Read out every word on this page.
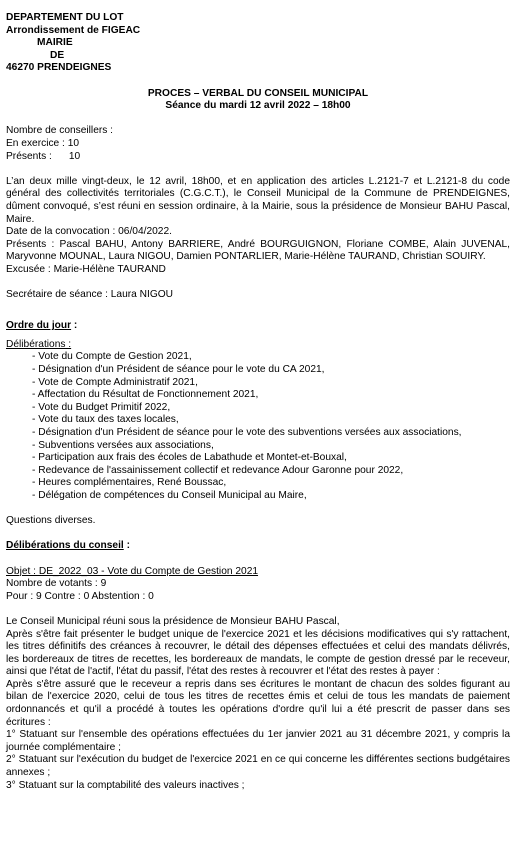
DEPARTEMENT DU LOT

Arrondissement de FIGEAC

MAIRIE

DE

46270 PRENDEIGNES

PROCES – VERBAL DU CONSEIL MUNICIPAL

Séance du mardi 12 avril 2022 – 18h00

Nombre de conseillers :

En exercice : 10

Présents :      10

L’an deux mille vingt-deux, le 12 avril, 18h00, et en application des articles L.2121-7 et L.2121-8 du code général des collectivités territoriales (C.G.C.T.), le Conseil Municipal de la Commune de PRENDEIGNES, dûment convoqué, s’est réuni en session ordinaire, à la Mairie, sous la présidence de Monsieur BAHU Pascal, Maire.

Date de la convocation : 06/04/2022.

Présents : Pascal BAHU, Antony BARRIERE, André BOURGUIGNON, Floriane COMBE, Alain JUVENAL, Maryvonne MOUNAL, Laura NIGOU, Damien PONTARLIER, Marie-Hélène TAURAND, Christian SOUIRY.

Excusée : Marie-Hélène TAURAND

Secrétaire de séance : Laura NIGOU

Ordre du jour :

Délibérations :

- Vote du Compte de Gestion 2021,
- Désignation d'un Président de séance pour le vote du CA 2021,
- Vote de Compte Administratif 2021,
- Affectation du Résultat de Fonctionnement 2021,
- Vote du Budget Primitif 2022,
- Vote du taux des taxes locales,
- Désignation d'un Président de séance pour le vote des subventions versées aux associations,
- Subventions versées aux associations,
- Participation aux frais des écoles de Labathude et Montet-et-Bouxal,
- Redevance de l'assainissement collectif et redevance Adour Garonne pour 2022,
- Heures complémentaires, René Boussac,
- Délégation de compétences du Conseil Municipal au Maire,

Questions diverses.

Délibérations du conseil :

Objet : DE_2022_03 - Vote du Compte de Gestion 2021

Nombre de votants : 9

Pour : 9 Contre : 0 Abstention : 0

Le Conseil Municipal réuni sous la présidence de Monsieur BAHU Pascal,

Après s'être fait présenter le budget unique de l'exercice 2021 et les décisions modificatives qui s'y rattachent, les titres définitifs des créances à recouvrer, le détail des dépenses effectuées et celui des mandats délivrés, les bordereaux de titres de recettes, les bordereaux de mandats, le compte de gestion dressé par le receveur, ainsi que l'état de l'actif, l'état du passif, l'état des restes à recouvrer et l'état des restes à payer :

Après s'être assuré que le receveur a repris dans ses écritures le montant de chacun des soldes figurant au bilan de l'exercice 2020, celui de tous les titres de recettes émis et celui de tous les mandats de paiement ordonnancés et qu'il a procédé à toutes les opérations d'ordre qu'il lui a été prescrit de passer dans ses écritures :

1° Statuant sur l'ensemble des opérations effectuées du 1er janvier 2021 au 31 décembre 2021, y compris la journée complémentaire ;

2° Statuant sur l'exécution du budget de l'exercice 2021 en ce qui concerne les différentes sections budgétaires annexes ;

3° Statuant sur la comptabilité des valeurs inactives ;
